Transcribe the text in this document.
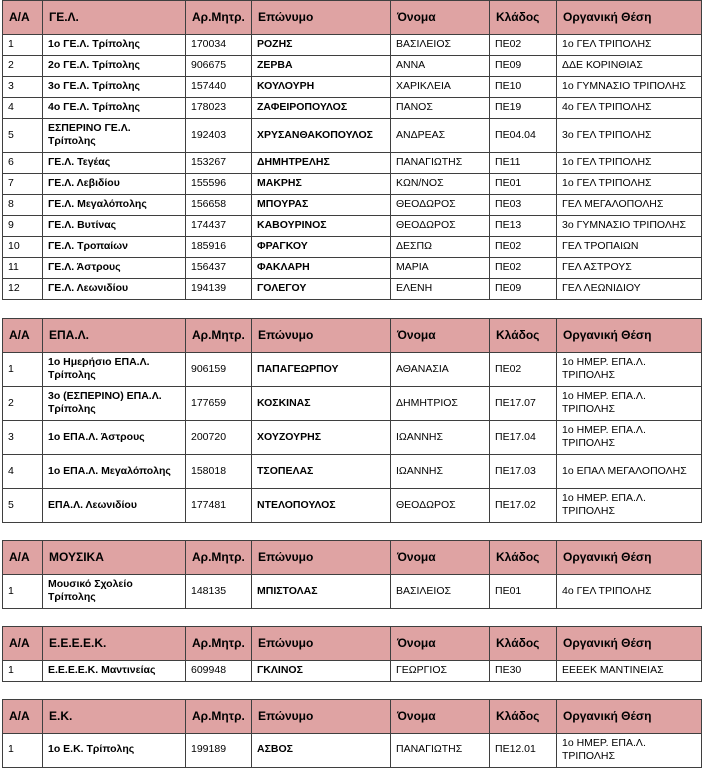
Α/Α	ΓΕ.Λ.	Αρ.Μητρ.	Επώνυμο	Όνομα	Κλάδος	Οργανική Θέση
1	1ο ΓΕ.Λ. Τρίπολης	170034	ΡΟΖΗΣ	ΒΑΣΙΛΕΙΟΣ	ΠΕ02	1ο ΓΕΛ ΤΡΙΠΟΛΗΣ
2	2ο ΓΕ.Λ. Τρίπολης	906675	ΖΕΡΒΑ	ΑΝΝΑ	ΠΕ09	ΔΔΕ ΚΟΡΙΝΘΙΑΣ
3	3ο ΓΕ.Λ. Τρίπολης	157440	ΚΟΥΛΟΥΡΗ	ΧΑΡΙΚΛΕΙΑ	ΠΕ10	1ο ΓΥΜΝΑΣΙΟ ΤΡΙΠΟΛΗΣ
4	4ο ΓΕ.Λ. Τρίπολης	178023	ΖΑΦΕΙΡΟΠΟΥΛΟΣ	ΠΑΝΟΣ	ΠΕ19	4ο ΓΕΛ ΤΡΙΠΟΛΗΣ
5	ΕΣΠΕΡΙΝΟ ΓΕ.Λ. Τρίπολης	192403	ΧΡΥΣΑΝΘΑΚΟΠΟΥΛΟΣ	ΑΝΔΡΕΑΣ	ΠΕ04.04	3ο ΓΕΛ ΤΡΙΠΟΛΗΣ
6	ΓΕ.Λ. Τεγέας	153267	ΔΗΜΗΤΡΕΛΗΣ	ΠΑΝΑΓΙΩΤΗΣ	ΠΕ11	1ο ΓΕΛ ΤΡΙΠΟΛΗΣ
7	ΓΕ.Λ. Λεβιδίου	155596	ΜΑΚΡΗΣ	ΚΩΝ/ΝΟΣ	ΠΕ01	1ο ΓΕΛ ΤΡΙΠΟΛΗΣ
8	ΓΕ.Λ. Μεγαλόπολης	156658	ΜΠΟΥΡΑΣ	ΘΕΟΔΩΡΟΣ	ΠΕ03	ΓΕΛ ΜΕΓΑΛΟΠΟΛΗΣ
9	ΓΕ.Λ. Βυτίνας	174437	ΚΑΒΟΥΡΙΝΟΣ	ΘΕΟΔΩΡΟΣ	ΠΕ13	3ο ΓΥΜΝΑΣΙΟ ΤΡΙΠΟΛΗΣ
10	ΓΕ.Λ. Τροπαίων	185916	ΦΡΑΓΚΟΥ	ΔΕΣΠΩ	ΠΕ02	ΓΕΛ ΤΡΟΠΑΙΩΝ
11	ΓΕ.Λ. Άστρους	156437	ΦΑΚΛΑΡΗ	ΜΑΡΙΑ	ΠΕ02	ΓΕΛ ΑΣΤΡΟΥΣ
12	ΓΕ.Λ. Λεωνιδίου	194139	ΓΟΛΕΓΟΥ	ΕΛΕΝΗ	ΠΕ09	ΓΕΛ ΛΕΩΝΙΔΙΟΥ
Α/Α	ΕΠΑ.Λ.	Αρ.Μητρ.	Επώνυμο	Όνομα	Κλάδος	Οργανική Θέση
1	1ο Ημερήσιο ΕΠΑ.Λ. Τρίπολης	906159	ΠΑΠΑΓΕΩΡΠΟΥ	ΑΘΑΝΑΣΙΑ	ΠΕ02	1ο ΗΜΕΡ. ΕΠΑ.Λ. ΤΡΙΠΟΛΗΣ
2	3ο (ΕΣΠΕΡΙΝΟ) ΕΠΑ.Λ. Τρίπολης	177659	ΚΟΣΚΙΝΑΣ	ΔΗΜΗΤΡΙΟΣ	ΠΕ17.07	1ο ΗΜΕΡ. ΕΠΑ.Λ. ΤΡΙΠΟΛΗΣ
3	1ο ΕΠΑ.Λ. Άστρους	200720	ΧΟΥΖΟΥΡΗΣ	ΙΩΑΝΝΗΣ	ΠΕ17.04	1ο ΗΜΕΡ. ΕΠΑ.Λ. ΤΡΙΠΟΛΗΣ
4	1ο ΕΠΑ.Λ. Μεγαλόπολης	158018	ΤΣΟΠΕΛΑΣ	ΙΩΑΝΝΗΣ	ΠΕ17.03	1ο ΕΠΑΛ ΜΕΓΑΛΟΠΟΛΗΣ
5	ΕΠΑ.Λ. Λεωνιδίου	177481	ΝΤΕΛΟΠΟΥΛΟΣ	ΘΕΟΔΩΡΟΣ	ΠΕ17.02	1ο ΗΜΕΡ. ΕΠΑ.Λ. ΤΡΙΠΟΛΗΣ
Α/Α	ΜΟΥΣΙΚΑ	Αρ.Μητρ.	Επώνυμο	Όνομα	Κλάδος	Οργανική Θέση
1	Μουσικό Σχολείο Τρίπολης	148135	ΜΠΙΣΤΟΛΑΣ	ΒΑΣΙΛΕΙΟΣ	ΠΕ01	4ο ΓΕΛ ΤΡΙΠΟΛΗΣ
Α/Α	Ε.Ε.Ε.Ε.Κ.	Αρ.Μητρ.	Επώνυμο	Όνομα	Κλάδος	Οργανική Θέση
1	Ε.Ε.Ε.Ε.Κ. Μαντινείας	609948	ΓΚΛΙΝΟΣ	ΓΕΩΡΓΙΟΣ	ΠΕ30	ΕΕΕΕΚ ΜΑΝΤΙΝΕΙΑΣ
Α/Α	Ε.Κ.	Αρ.Μητρ.	Επώνυμο	Όνομα	Κλάδος	Οργανική Θέση
1	1ο Ε.Κ. Τρίπολης	199189	ΑΣΒΟΣ	ΠΑΝΑΓΙΩΤΗΣ	ΠΕ12.01	1ο ΗΜΕΡ. ΕΠΑ.Λ. ΤΡΙΠΟΛΗΣ
